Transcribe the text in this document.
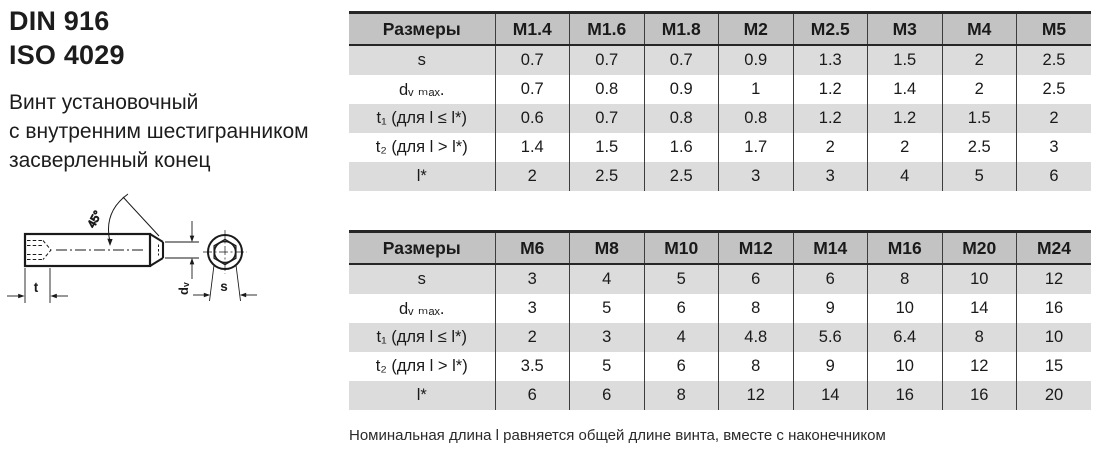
DIN 916
ISO 4029
Винт установочный
с внутренним шестигранником
засверленный конец
45°
dᵥ
t	s
Размеры	M1.4	M1.6	M1.8	M2	M2.5	M3	M4	M5
s	0.7	0.7	0.7	0.9	1.3	1.5	2	2.5
dᵥ ₘₐₓ.	0.7	0.8	0.9	1	1.2	1.4	2	2.5
t₁ (для l ≤ l*)	0.6	0.7	0.8	0.8	1.2	1.2	1.5	2
t₂ (для l > l*)	1.4	1.5	1.6	1.7	2	2	2.5	3
l*	2	2.5	2.5	3	3	4	5	6
Размеры	M6	M8	M10	M12	M14	M16	M20	M24
s	3	4	5	6	6	8	10	12
dᵥ ₘₐₓ.	3	5	6	8	9	10	14	16
t₁ (для l ≤ l*)	2	3	4	4.8	5.6	6.4	8	10
t₂ (для l > l*)	3.5	5	6	8	9	10	12	15
l*	6	6	8	12	14	16	16	20
Номинальная длина l равняется общей длине винта, вместе с наконечником
